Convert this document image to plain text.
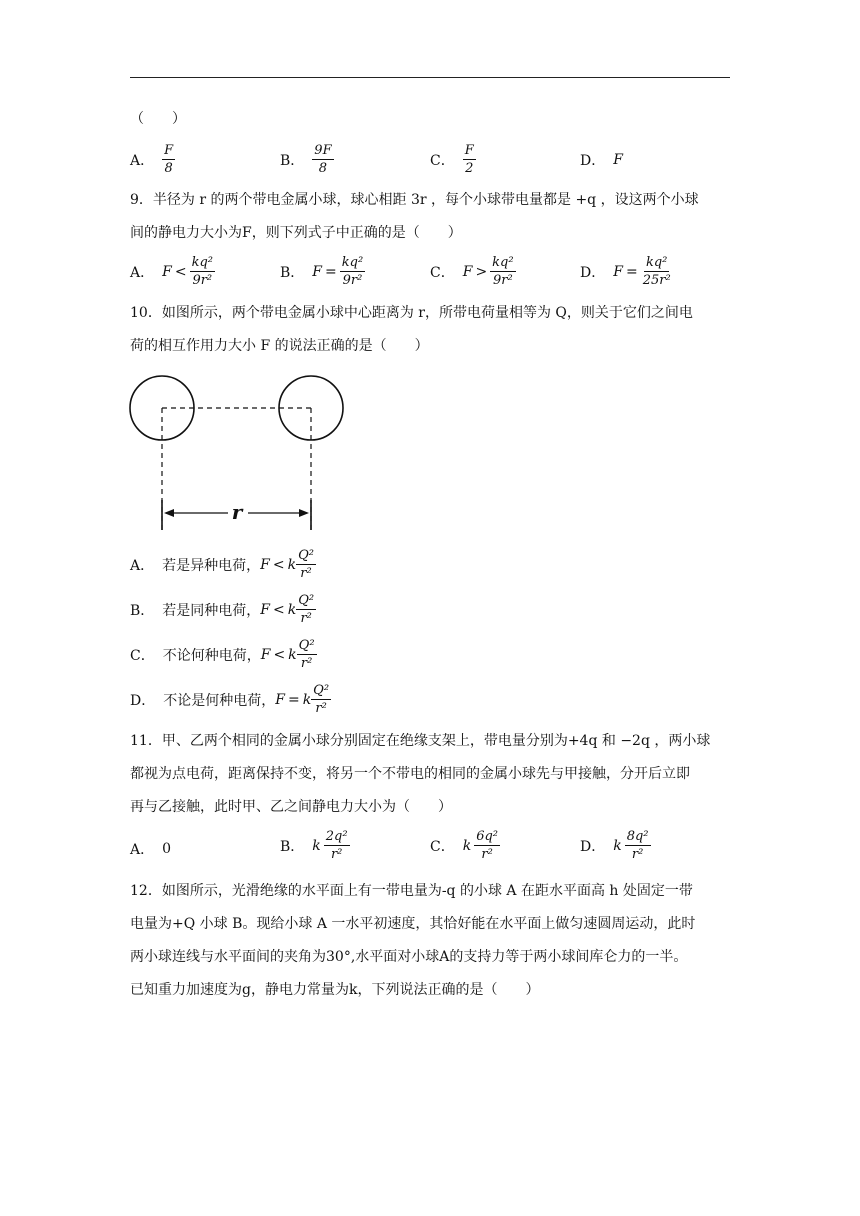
（　　）
A． $\frac{F}{8}$	B． $\frac{9F}{8}$	C． $\frac{F}{2}$	D． F
9．半径为 r 的两个带电金属小球，球心相距 3r ，每个小球带电量都是 +q ，设这两个小球
间的静电力大小为F，则下列式子中正确的是（　　）
A． $F < \frac{\text{kq²}}{\text{9r²}}$	B． $F = \frac{\text{kq²}}{\text{9r²}}$	C． $F > \frac{\text{kq²}}{\text{9r²}}$	D． $F = \frac{\text{kq²}}{\text{25r²}}$
10．如图所示，两个带电金属小球中心距离为 r，所带电荷量相等为 Q，则关于它们之间电
荷的相互作用力大小 F 的说法正确的是（　　）
r
A． 若是异种电荷， F < k $\frac{\text{Q²}}{\text{r²}}$
B． 若是同种电荷， F < k $\frac{\text{Q²}}{\text{r²}}$
C． 不论何种电荷， F < k $\frac{\text{Q²}}{\text{r²}}$
D． 不论是何种电荷， F = k $\frac{\text{Q²}}{\text{r²}}$
11．甲、乙两个相同的金属小球分别固定在绝缘支架上，带电量分别为+4q 和 −2q ，两小球
都视为点电荷，距离保持不变，将另一个不带电的相同的金属小球先与甲接触，分开后立即
再与乙接触，此时甲、乙之间静电力大小为（　　）
A． 0	B． k $\frac{\text{2q²}}{\text{r²}}$	C． k $\frac{\text{6q²}}{\text{r²}}$	D． k $\frac{\text{8q²}}{\text{r²}}$
12．如图所示，光滑绝缘的水平面上有一带电量为-q 的小球 A 在距水平面高 h 处固定一带
电量为+Q 小球 B。现给小球 A 一水平初速度，其恰好能在水平面上做匀速圆周运动，此时
两小球连线与水平面间的夹角为30°,水平面对小球A的支持力等于两小球间库仑力的一半。
已知重力加速度为g，静电力常量为k，下列说法正确的是（　　）
